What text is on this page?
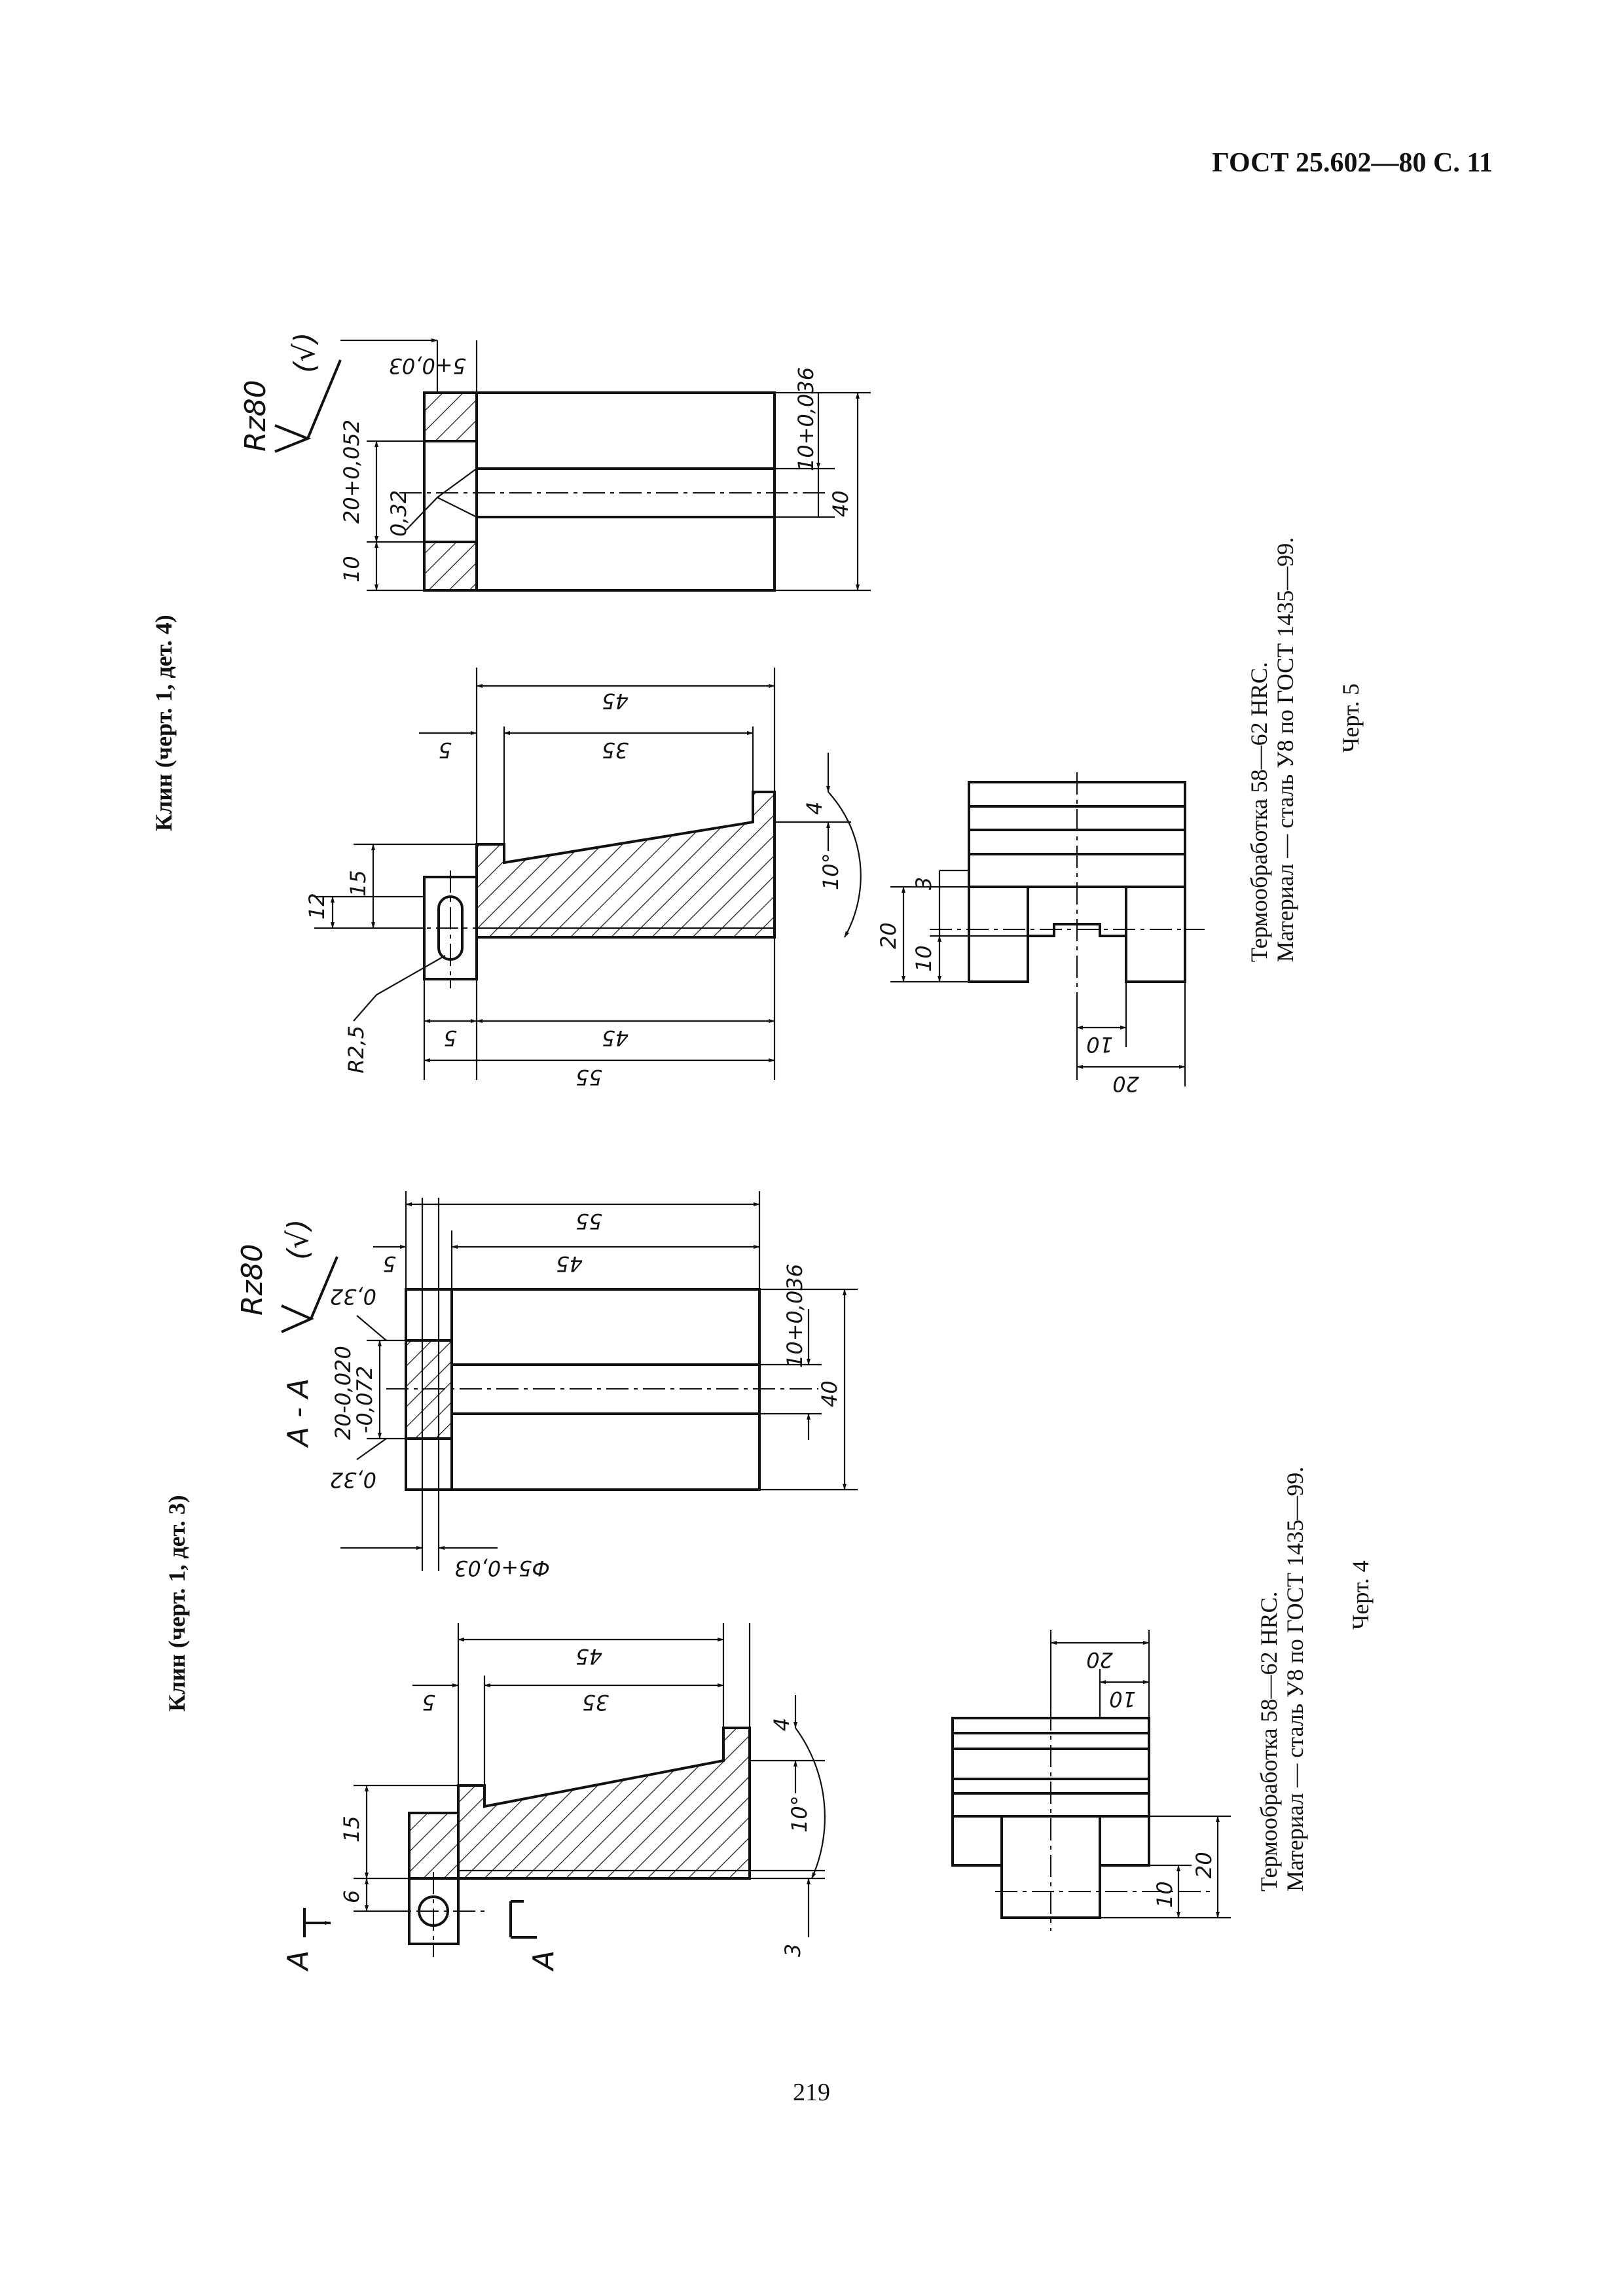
ГОСТ 25.602—80 С. 11
Клин (черт. 1, дет. 4)
5+0,03
40
10+0,036
20+0,052
10
0,32
Rz80
(√)
45
35
5
4
10°
15
12
R2,5	5	45
55
20
10
3
10
20
Термообработка 58—62 HRC. Материал — сталь У8 по ГОСТ 1435—99. Черт. 5
Клин (черт. 1, дет. 3)
55
45
5
40
10+0,036
20-0,020
-0,072
0,32
0,32
Ф5+0,03
А - А
Rz80
(√)
45
35
5
4
10°
3
15
6
А	А
20
10
20
10
Термообработка 58—62 HRC. Материал — сталь У8 по ГОСТ 1435—99. Черт. 4
219
